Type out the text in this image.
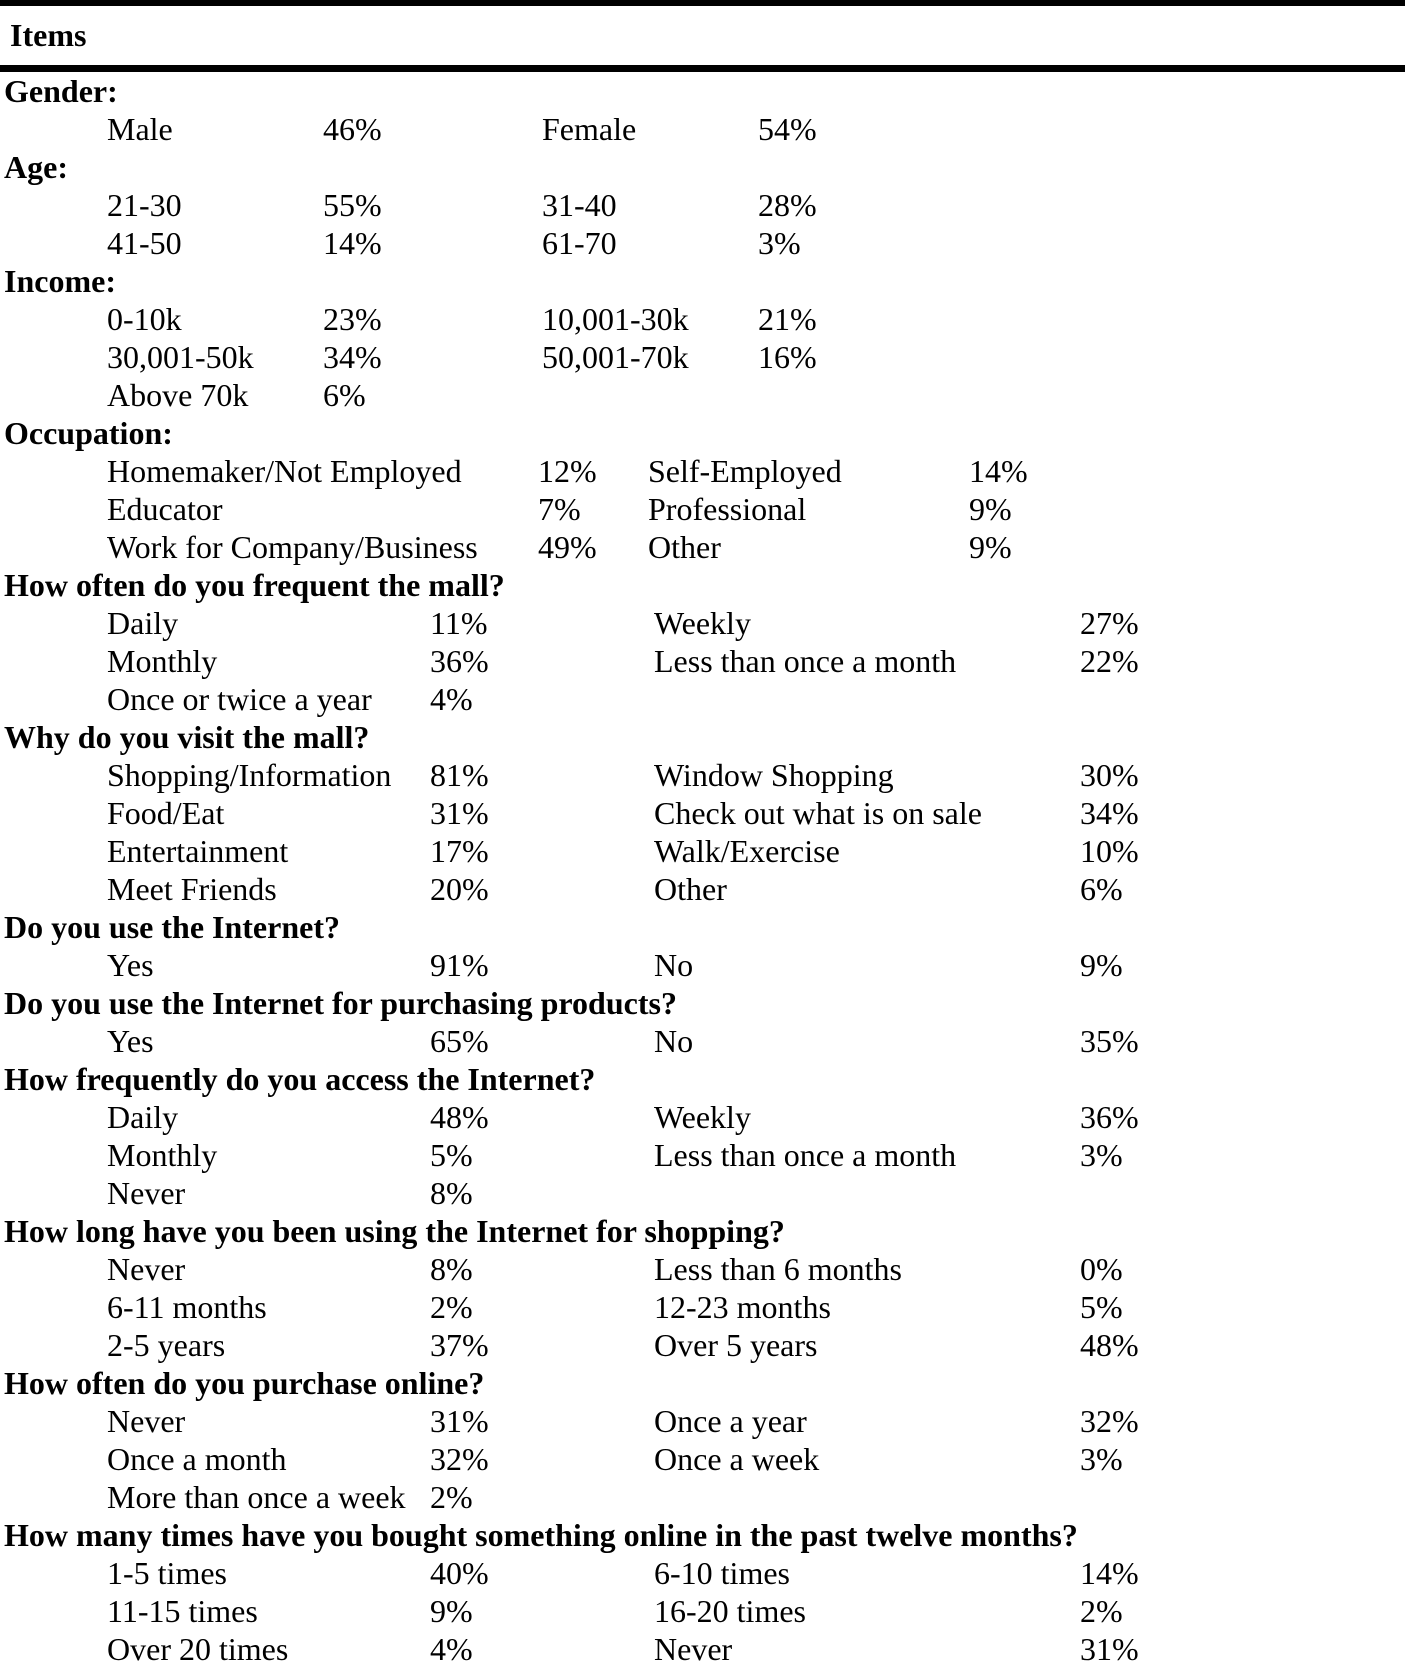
Items
Gender:
Male	46%	Female	54%
Age:
21-30	55%	31-40	28%
41-50	14%	61-70	3%
Income:
0-10k	23%	10,001-30k	21%
30,001-50k	34%	50,001-70k	16%
Above 70k	6%
Occupation:
Homemaker/Not Employed	12%	Self-Employed	14%
Educator	7%	Professional	9%
Work for Company/Business	49%	Other	9%
How often do you frequent the mall?
Daily	11%	Weekly	27%
Monthly	36%	Less than once a month	22%
Once or twice a year	4%
Why do you visit the mall?
Shopping/Information	81%	Window Shopping	30%
Food/Eat	31%	Check out what is on sale	34%
Entertainment	17%	Walk/Exercise	10%
Meet Friends	20%	Other	6%
Do you use the Internet?
Yes	91%	No	9%
Do you use the Internet for purchasing products?
Yes	65%	No	35%
How frequently do you access the Internet?
Daily	48%	Weekly	36%
Monthly	5%	Less than once a month	3%
Never	8%
How long have you been using the Internet for shopping?
Never	8%	Less than 6 months	0%
6-11 months	2%	12-23 months	5%
2-5 years	37%	Over 5 years	48%
How often do you purchase online?
Never	31%	Once a year	32%
Once a month	32%	Once a week	3%
More than once a week 2%
How many times have you bought something online in the past twelve months?
1-5 times	40%	6-10 times	14%
11-15 times	9%	16-20 times	2%
Over 20 times	4%	Never	31%
